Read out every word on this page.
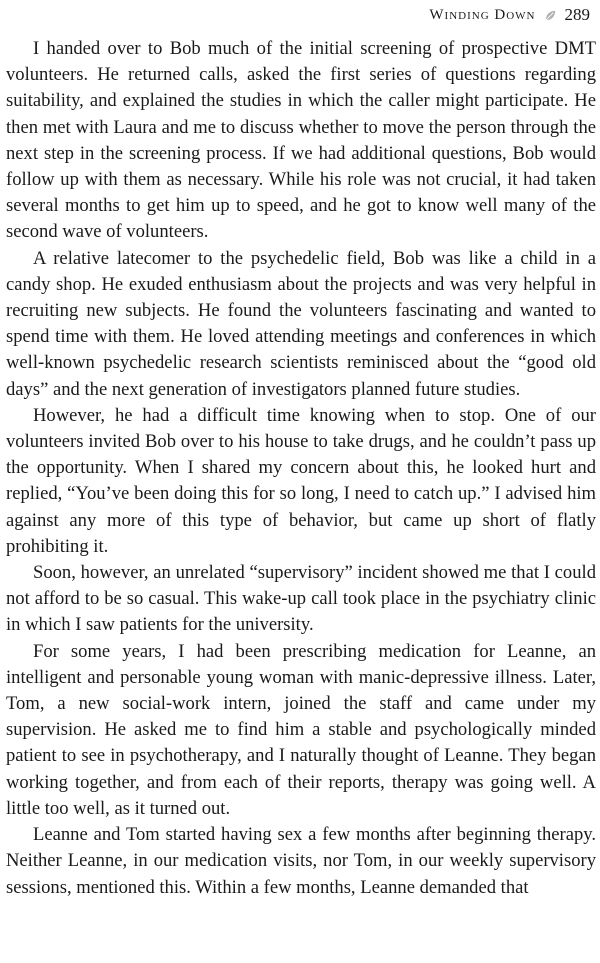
Winding Down 289

I handed over to Bob much of the initial screening of prospective DMT volunteers. He returned calls, asked the first series of questions regarding suitability, and explained the studies in which the caller might participate. He then met with Laura and me to discuss whether to move the person through the next step in the screening process. If we had additional questions, Bob would follow up with them as necessary. While his role was not crucial, it had taken several months to get him up to speed, and he got to know well many of the second wave of volunteers.

A relative latecomer to the psychedelic field, Bob was like a child in a candy shop. He exuded enthusiasm about the projects and was very helpful in recruiting new subjects. He found the volunteers fascinating and wanted to spend time with them. He loved attending meetings and conferences in which well-known psychedelic research scientists reminisced about the “good old days” and the next generation of investigators planned future studies.

However, he had a difficult time knowing when to stop. One of our volunteers invited Bob over to his house to take drugs, and he couldn’t pass up the opportunity. When I shared my concern about this, he looked hurt and replied, “You’ve been doing this for so long, I need to catch up.” I advised him against any more of this type of behavior, but came up short of flatly prohibiting it.

Soon, however, an unrelated “supervisory” incident showed me that I could not afford to be so casual. This wake-up call took place in the psychiatry clinic in which I saw patients for the university.

For some years, I had been prescribing medication for Leanne, an intelligent and personable young woman with manic-depressive illness. Later, Tom, a new social-work intern, joined the staff and came under my supervision. He asked me to find him a stable and psychologically minded patient to see in psychotherapy, and I naturally thought of Leanne. They began working together, and from each of their reports, therapy was going well. A little too well, as it turned out.

Leanne and Tom started having sex a few months after beginning therapy. Neither Leanne, in our medication visits, nor Tom, in our weekly supervisory sessions, mentioned this. Within a few months, Leanne demanded that
